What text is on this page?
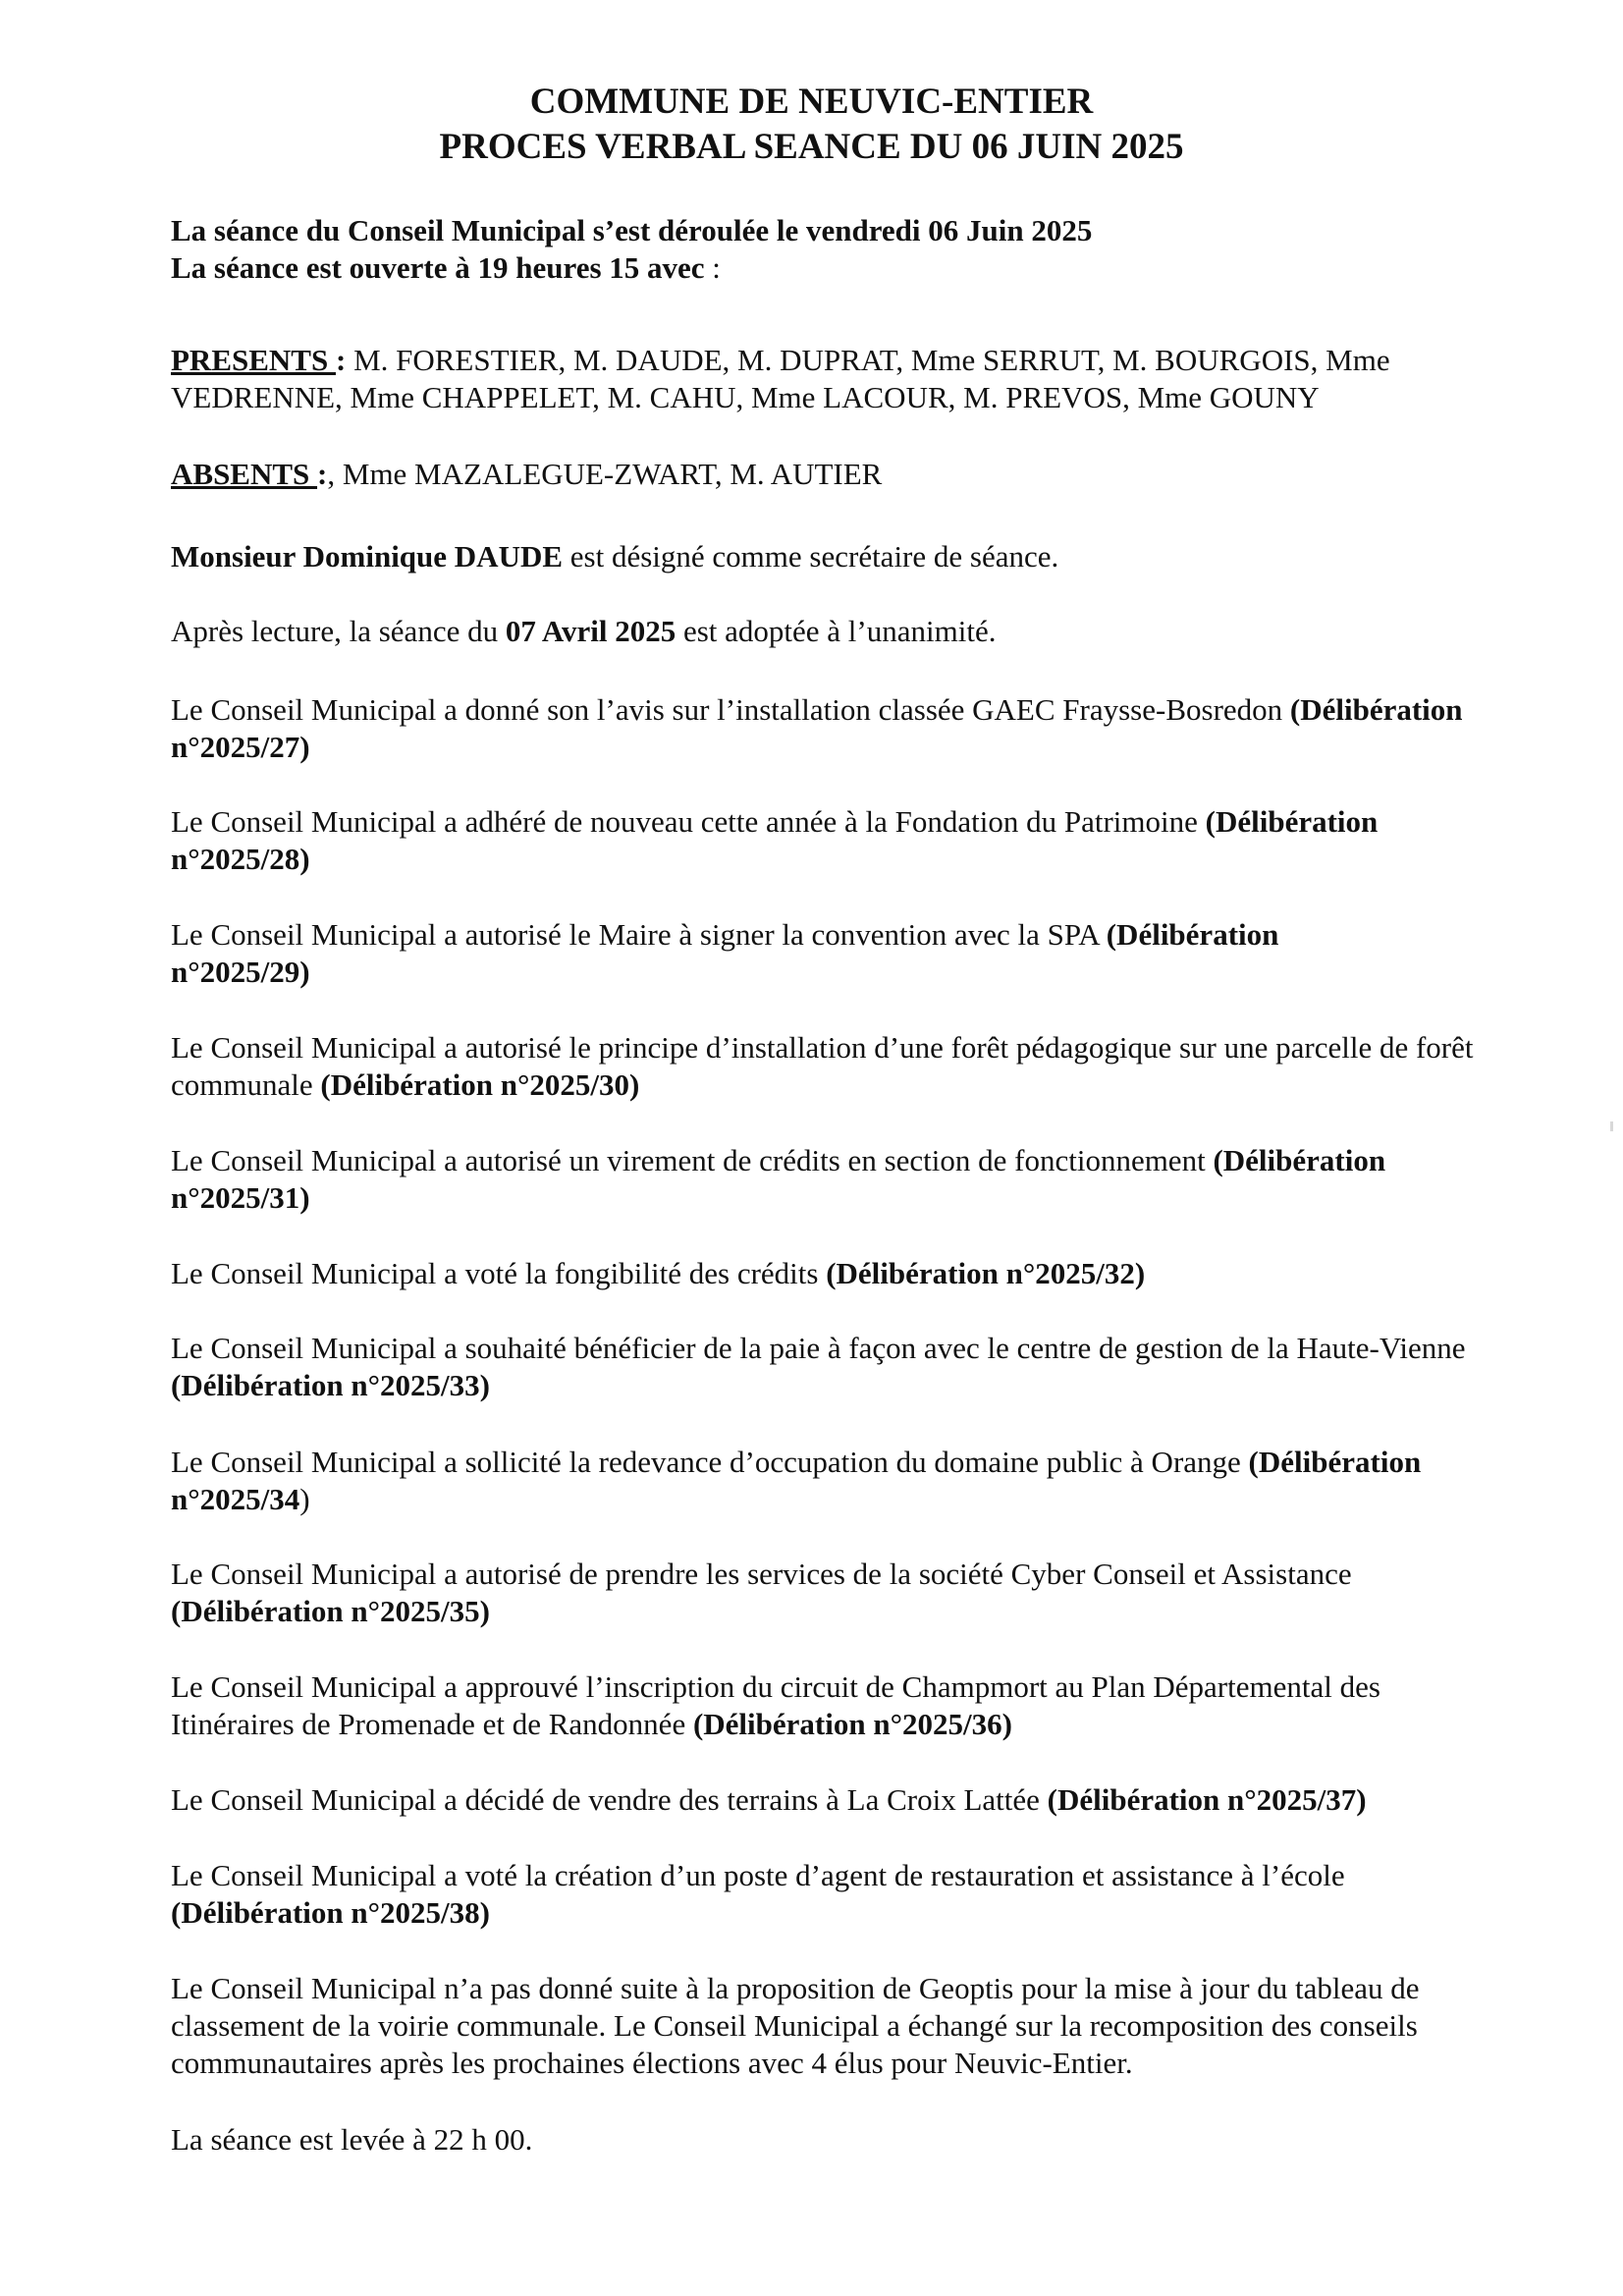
COMMUNE DE NEUVIC-ENTIER
PROCES VERBAL SEANCE DU 06 JUIN 2025

La séance du Conseil Municipal s’est déroulée le vendredi 06 Juin 2025

La séance est ouverte à 19 heures 15 avec :

PRESENTS : M. FORESTIER, M. DAUDE, M. DUPRAT, Mme SERRUT, M. BOURGOIS, Mme VEDRENNE, Mme CHAPPELET, M. CAHU, Mme LACOUR, M. PREVOS, Mme GOUNY

ABSENTS :, Mme MAZALEGUE-ZWART, M. AUTIER

Monsieur Dominique DAUDE est désigné comme secrétaire de séance.

Après lecture, la séance du 07 Avril 2025 est adoptée à l’unanimité.

Le Conseil Municipal a donné son l’avis sur l’installation classée GAEC Fraysse-Bosredon (Délibération n°2025/27)

Le Conseil Municipal a adhéré de nouveau cette année à la Fondation du Patrimoine (Délibération n°2025/28)

Le Conseil Municipal a autorisé le Maire à signer la convention avec la SPA (Délibération n°2025/29)

Le Conseil Municipal a autorisé le principe d’installation d’une forêt pédagogique sur une parcelle de forêt communale (Délibération n°2025/30)

Le Conseil Municipal a autorisé un virement de crédits en section de fonctionnement (Délibération n°2025/31)

Le Conseil Municipal a voté la fongibilité des crédits (Délibération n°2025/32)

Le Conseil Municipal a souhaité bénéficier de la paie à façon avec le centre de gestion de la Haute-Vienne (Délibération n°2025/33)

Le Conseil Municipal a sollicité la redevance d’occupation du domaine public à Orange (Délibération n°2025/34)

Le Conseil Municipal a autorisé de prendre les services de la société Cyber Conseil et Assistance (Délibération n°2025/35)

Le Conseil Municipal a approuvé l’inscription du circuit de Champmort au Plan Départemental des Itinéraires de Promenade et de Randonnée (Délibération n°2025/36)

Le Conseil Municipal a décidé de vendre des terrains à La Croix Lattée (Délibération n°2025/37)

Le Conseil Municipal a voté la création d’un poste d’agent de restauration et assistance à l’école (Délibération n°2025/38)

Le Conseil Municipal n’a pas donné suite à la proposition de Geoptis pour la mise à jour du tableau de classement de la voirie communale. Le Conseil Municipal a échangé sur la recomposition des conseils communautaires après les prochaines élections avec 4 élus pour Neuvic-Entier.

La séance est levée à 22 h 00.
